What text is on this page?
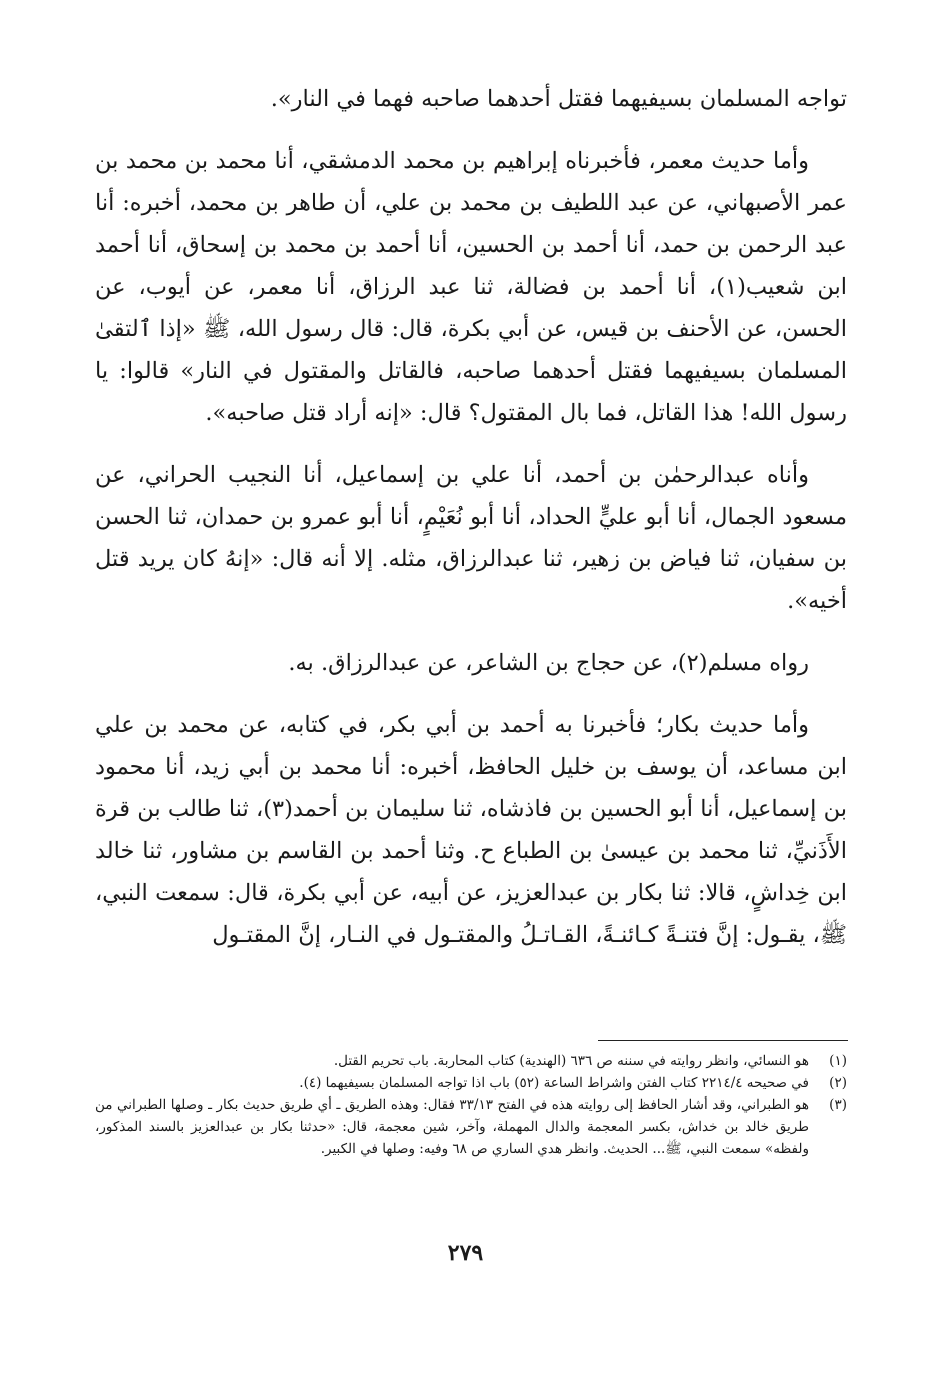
تواجه المسلمان بسيفيهما فقتل أحدهما صاحبه فهما في النار».

وأما حديث معمر، فأخبرناه إبراهيم بن محمد الدمشقي، أنا محمد بن محمد بن عمر الأصبهاني، عن عبد اللطيف بن محمد بن علي، أن طاهر بن محمد، أخبره: أنا عبد الرحمن بن حمد، أنا أحمد بن الحسين، أنا أحمد بن محمد بن إسحاق، أنا أحمد ابن شعيب(١)، أنا أحمد بن فضالة، ثنا عبد الرزاق، أنا معمر، عن أيوب، عن الحسن، عن الأحنف بن قيس، عن أبي بكرة، قال: قال رسول الله، ﷺ «إذا ٱلتقىٰ المسلمان بسيفيهما فقتل أحدهما صاحبه، فالقاتل والمقتول في النار» قالوا: يا رسول الله! هذا القاتل، فما بال المقتول؟ قال: «إنه أراد قتل صاحبه».

وأناه عبدالرحمٰن بن أحمد، أنا علي بن إسماعيل، أنا النجيب الحراني، عن مسعود الجمال، أنا أبو عليٍّ الحداد، أنا أبو نُعَيْمٍ، أنا أبو عمرو بن حمدان، ثنا الحسن بن سفيان، ثنا فياض بن زهير، ثنا عبدالرزاق، مثله. إلا أنه قال: «إنهُ كان يريد قتل أخيه».

رواه مسلم(٢)، عن حجاج بن الشاعر، عن عبدالرزاق. به.

وأما حديث بكار؛ فأخبرنا به أحمد بن أبي بكر، في كتابه، عن محمد بن علي ابن مساعد، أن يوسف بن خليل الحافظ، أخبره: أنا محمد بن أبي زيد، أنا محمود بن إسماعيل، أنا أبو الحسين بن فاذشاه، ثنا سليمان بن أحمد(٣)، ثنا طالب بن قرة الأَذَنيِّ، ثنا محمد بن عيسىٰ بن الطباع ح. وثنا أحمد بن القاسم بن مشاور، ثنا خالد ابن خِداشٍ، قالا: ثنا بكار بن عبدالعزيز، عن أبيه، عن أبي بكرة، قال: سمعت النبي، ﷺ، يقـول: إنَّ فتنـةً كـائنـةً، القـاتـلُ والمقتـول في النـار، إنَّ المقتـول

(١)
هو النسائي، وانظر روايته في سننه ص ٦٣٦ (الهندية) كتاب المحاربة. باب تحريم القتل.
(٢)
في صحيحه ٢٢١٤/٤ كتاب الفتن واشراط الساعة (٥٢) باب اذا تواجه المسلمان بسيفيهما (٤).
(٣)
هو الطبراني، وقد أشار الحافظ إلى روايته هذه في الفتح ٣٣/١٣ فقال: وهذه الطريق ـ أي طريق حديث بكار ـ وصلها الطبراني من طريق خالد بن خداش، بكسر المعجمة والدال المهملة، وآخر، شين معجمة، قال: «حدثنا بكار بن عبدالعزيز بالسند المذكور، ولفظه» سمعت النبي، ﷺ... الحديث. وانظر هدي الساري ص ٦٨ وفيه: وصلها في الكبير.
٢٧٩
